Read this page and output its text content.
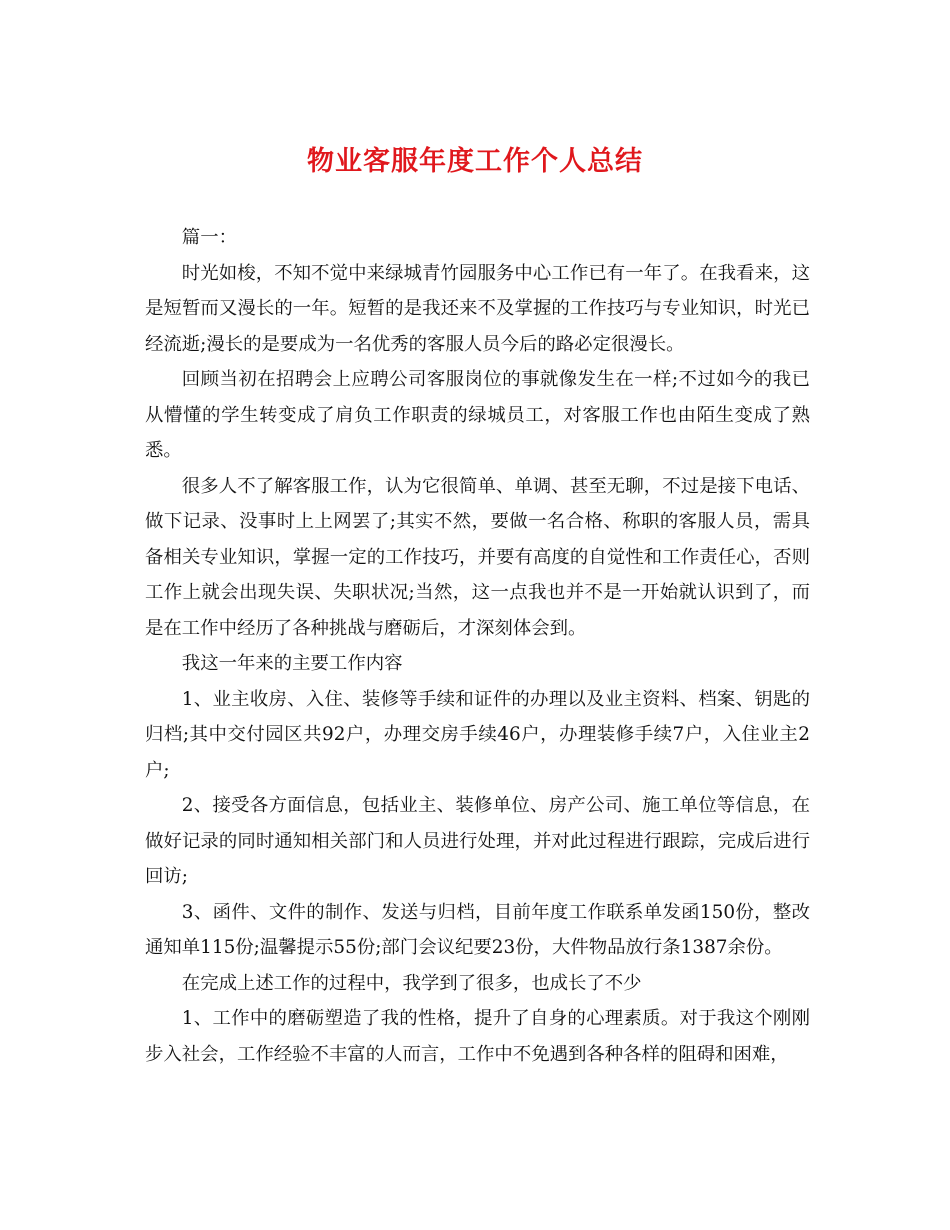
物业客服年度工作个人总结

篇一：

时光如梭，不知不觉中来绿城青竹园服务中心工作已有一年了。在我看来，这是短暂而又漫长的一年。短暂的是我还来不及掌握的工作技巧与专业知识，时光已经流逝;漫长的是要成为一名优秀的客服人员今后的路必定很漫长。

回顾当初在招聘会上应聘公司客服岗位的事就像发生在一样;不过如今的我已从懵懂的学生转变成了肩负工作职责的绿城员工，对客服工作也由陌生变成了熟悉。

很多人不了解客服工作，认为它很简单、单调、甚至无聊，不过是接下电话、做下记录、没事时上上网罢了;其实不然，要做一名合格、称职的客服人员，需具备相关专业知识，掌握一定的工作技巧，并要有高度的自觉性和工作责任心，否则工作上就会出现失误、失职状况;当然，这一点我也并不是一开始就认识到了，而是在工作中经历了各种挑战与磨砺后，才深刻体会到。

我这一年来的主要工作内容

1、业主收房、入住、装修等手续和证件的办理以及业主资料、档案、钥匙的归档;其中交付园区共92户，办理交房手续46户，办理装修手续7户，入住业主2户;

2、接受各方面信息，包括业主、装修单位、房产公司、施工单位等信息，在做好记录的同时通知相关部门和人员进行处理，并对此过程进行跟踪，完成后进行回访;

3、函件、文件的制作、发送与归档，目前年度工作联系单发函150份，整改通知单115份;温馨提示55份;部门会议纪要23份，大件物品放行条1387余份。

在完成上述工作的过程中，我学到了很多，也成长了不少

1、工作中的磨砺塑造了我的性格，提升了自身的心理素质。对于我这个刚刚步入社会，工作经验不丰富的人而言，工作中不免遇到各种各样的阻碍和困难，
